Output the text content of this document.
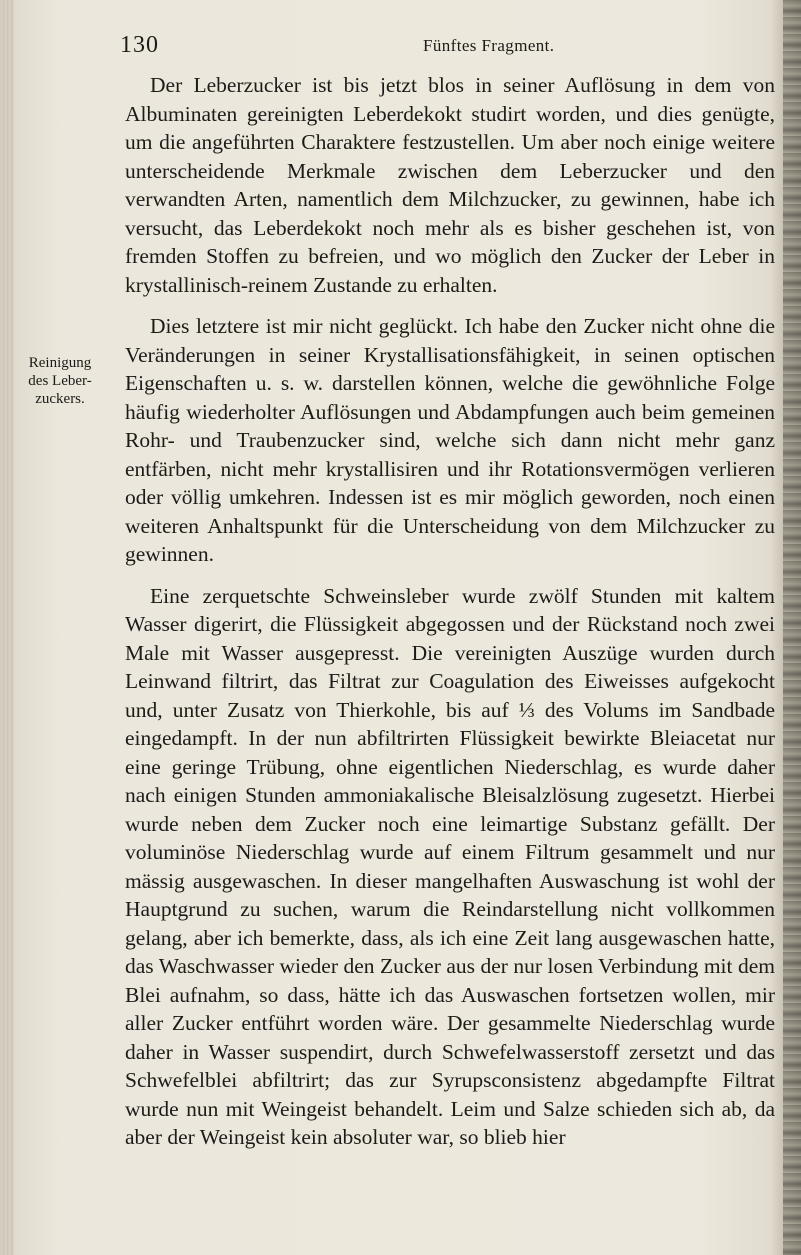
130	Fünftes Fragment.
Reinigung
des Leber-
zuckers.

Der Leberzucker ist bis jetzt blos in seiner Auflösung in dem von Albuminaten gereinigten Leberdekokt studirt worden, und dies genügte, um die angeführten Charaktere festzustellen. Um aber noch einige weitere unterscheidende Merkmale zwischen dem Leberzucker und den verwandten Arten, namentlich dem Milchzucker, zu gewinnen, habe ich versucht, das Leberdekokt noch mehr als es bisher geschehen ist, von fremden Stoffen zu befreien, und wo möglich den Zucker der Leber in krystallinisch-reinem Zustande zu erhalten.

Dies letztere ist mir nicht geglückt. Ich habe den Zucker nicht ohne die Veränderungen in seiner Krystallisationsfähigkeit, in seinen optischen Eigenschaften u. s. w. darstellen können, welche die gewöhnliche Folge häufig wiederholter Auflösungen und Abdampfungen auch beim gemeinen Rohr- und Traubenzucker sind, welche sich dann nicht mehr ganz entfärben, nicht mehr krystallisiren und ihr Rotationsvermögen verlieren oder völlig umkehren. Indessen ist es mir möglich geworden, noch einen weiteren Anhaltspunkt für die Unterscheidung von dem Milchzucker zu gewinnen.

Eine zerquetschte Schweinsleber wurde zwölf Stunden mit kaltem Wasser digerirt, die Flüssigkeit abgegossen und der Rückstand noch zwei Male mit Wasser ausgepresst. Die vereinigten Auszüge wurden durch Leinwand filtrirt, das Filtrat zur Coagulation des Eiweisses aufgekocht und, unter Zusatz von Thierkohle, bis auf ⅓ des Volums im Sandbade eingedampft. In der nun abfiltrirten Flüssigkeit bewirkte Bleiacetat nur eine geringe Trübung, ohne eigentlichen Niederschlag, es wurde daher nach einigen Stunden ammoniakalische Bleisalzlösung zugesetzt. Hierbei wurde neben dem Zucker noch eine leimartige Substanz gefällt. Der voluminöse Niederschlag wurde auf einem Filtrum gesammelt und nur mässig ausgewaschen. In dieser mangelhaften Auswaschung ist wohl der Hauptgrund zu suchen, warum die Reindarstellung nicht vollkommen gelang, aber ich bemerkte, dass, als ich eine Zeit lang ausgewaschen hatte, das Waschwasser wieder den Zucker aus der nur losen Verbindung mit dem Blei aufnahm, so dass, hätte ich das Auswaschen fortsetzen wollen, mir aller Zucker entführt worden wäre. Der gesammelte Niederschlag wurde daher in Wasser suspendirt, durch Schwefelwasserstoff zersetzt und das Schwefelblei abfiltrirt; das zur Syrupsconsistenz abgedampfte Filtrat wurde nun mit Weingeist behandelt. Leim und Salze schieden sich ab, da aber der Weingeist kein absoluter war, so blieb hier
